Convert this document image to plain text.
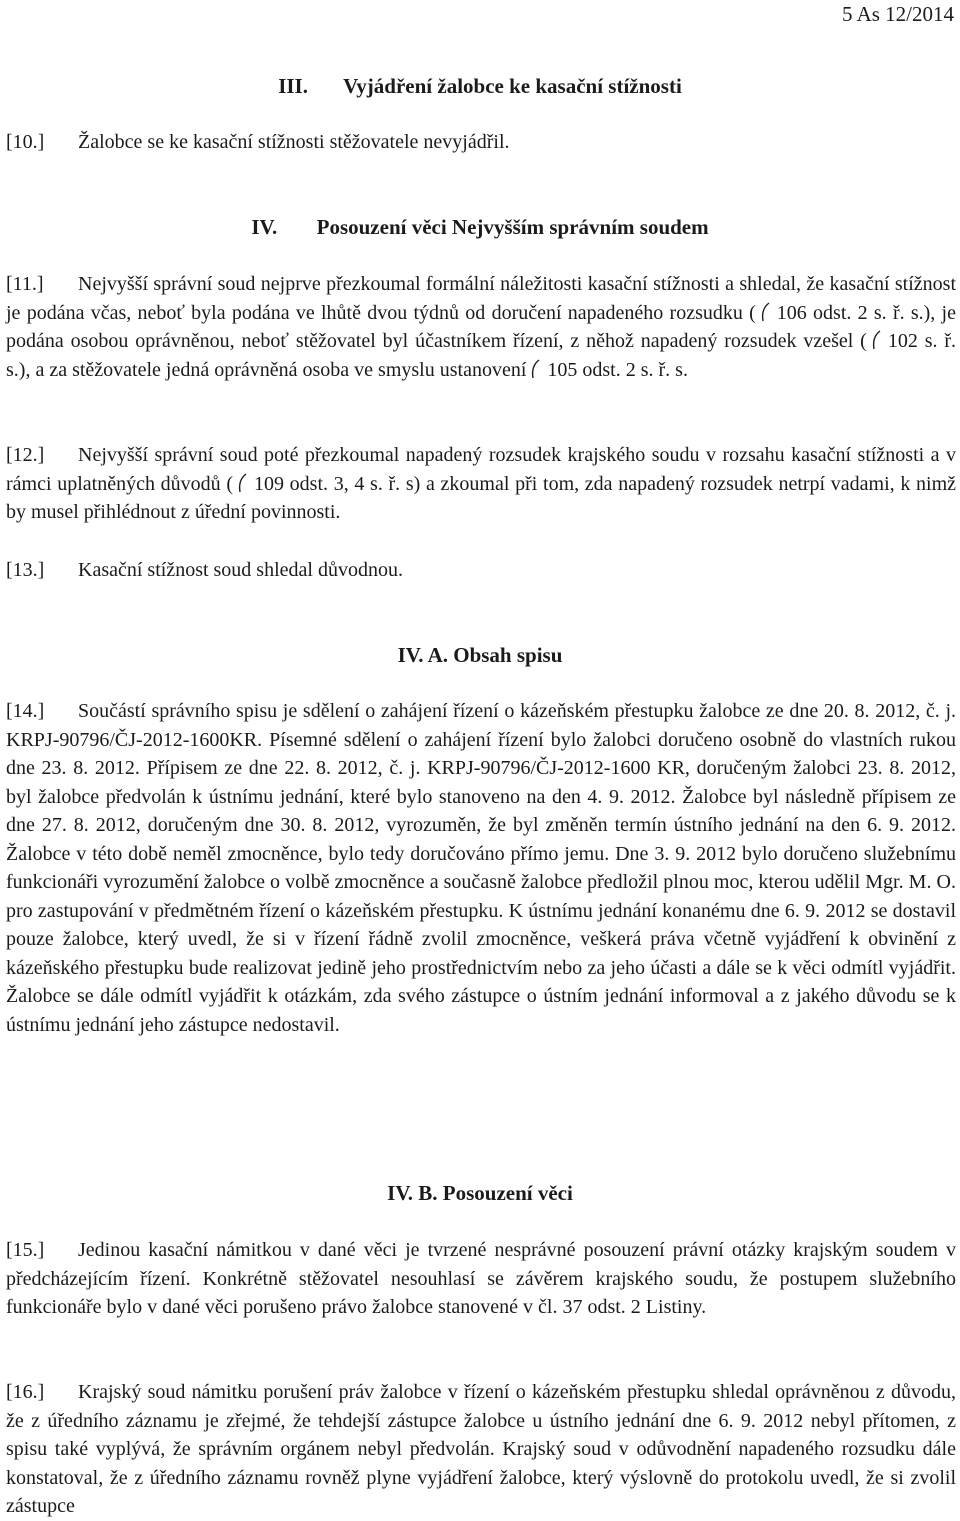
5 As 12/2014
III. Vyjádření žalobce ke kasační stížnosti

[10.] Žalobce se ke kasační stížnosti stěžovatele nevyjádřil.

IV. Posouzení věci Nejvyšším správním soudem

[11.] Nejvyšší správní soud nejprve přezkoumal formální náležitosti kasační stížnosti a shledal, že kasační stížnost je podána včas, neboť byla podána ve lhůtě dvou týdnů od doručení napadeného rozsudku ( 106 odst. 2 s. ř. s.), je podána osobou oprávněnou, neboť stěžovatel byl účastníkem řízení, z něhož napadený rozsudek vzešel ( 102 s. ř. s.), a za stěžovatele jedná oprávněná osoba ve smyslu ustanovení 105 odst. 2 s. ř. s.

[12.] Nejvyšší správní soud poté přezkoumal napadený rozsudek krajského soudu v rozsahu kasační stížnosti a v rámci uplatněných důvodů ( 109 odst. 3, 4 s. ř. s) a zkoumal při tom, zda napadený rozsudek netrpí vadami, k nimž by musel přihlédnout z úřední povinnosti.

[13.] Kasační stížnost soud shledal důvodnou.

IV. A. Obsah spisu

[14.] Součástí správního spisu je sdělení o zahájení řízení o kázeňském přestupku žalobce ze dne 20. 8. 2012, č. j. KRPJ-90796/ČJ-2012-1600KR. Písemné sdělení o zahájení řízení bylo žalobci doručeno osobně do vlastních rukou dne 23. 8. 2012. Přípisem ze dne 22. 8. 2012, č. j. KRPJ-90796/ČJ-2012-1600 KR, doručeným žalobci 23. 8. 2012, byl žalobce předvolán k ústnímu jednání, které bylo stanoveno na den 4. 9. 2012. Žalobce byl následně přípisem ze dne 27. 8. 2012, doručeným dne 30. 8. 2012, vyrozuměn, že byl změněn termín ústního jednání na den 6. 9. 2012. Žalobce v této době neměl zmocněnce, bylo tedy doručováno přímo jemu. Dne 3. 9. 2012 bylo doručeno služebnímu funkcionáři vyrozumění žalobce o volbě zmocněnce a současně žalobce předložil plnou moc, kterou udělil Mgr. M. O. pro zastupování v předmětném řízení o kázeňském přestupku. K ústnímu jednání konanému dne 6. 9. 2012 se dostavil pouze žalobce, který uvedl, že si v řízení řádně zvolil zmocněnce, veškerá práva včetně vyjádření k obvinění z kázeňského přestupku bude realizovat jedině jeho prostřednictvím nebo za jeho účasti a dále se k věci odmítl vyjádřit. Žalobce se dále odmítl vyjádřit k otázkám, zda svého zástupce o ústním jednání informoval a z jakého důvodu se k ústnímu jednání jeho zástupce nedostavil.

IV. B. Posouzení věci

[15.] Jedinou kasační námitkou v dané věci je tvrzené nesprávné posouzení právní otázky krajským soudem v předcházejícím řízení. Konkrétně stěžovatel nesouhlasí se závěrem krajského soudu, že postupem služebního funkcionáře bylo v dané věci porušeno právo žalobce stanovené v čl. 37 odst. 2 Listiny.

[16.] Krajský soud námitku porušení práv žalobce v řízení o kázeňském přestupku shledal oprávněnou z důvodu, že z úředního záznamu je zřejmé, že tehdejší zástupce žalobce u ústního jednání dne 6. 9. 2012 nebyl přítomen, z spisu také vyplývá, že správním orgánem nebyl předvolán. Krajský soud v odůvodnění napadeného rozsudku dále konstatoval, že z úředního záznamu rovněž plyne vyjádření žalobce, který výslovně do protokolu uvedl, že si zvolil zástupce
